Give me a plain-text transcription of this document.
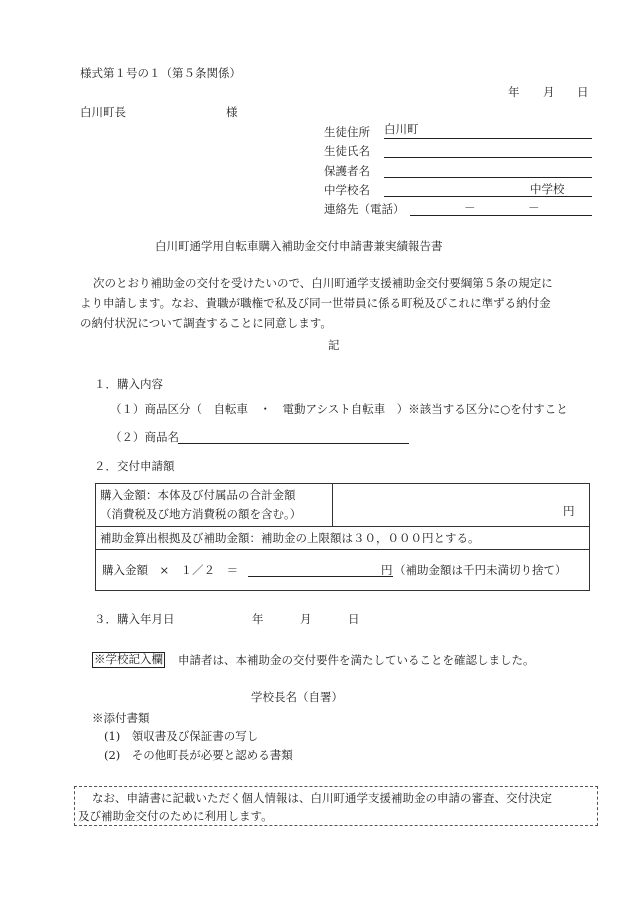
様式第１号の１（第５条関係）
年 月 日
白川町長	様
生徒住所 白川町
生徒氏名
保護者名
中学校名	中学校
連絡先（電話）	－	－
白川町通学用自転車購入補助金交付申請書兼実績報告書
次のとおり補助金の交付を受けたいので、白川町通学支援補助金交付要綱第５条の規定に
より申請します。なお、貴職が職権で私及び同一世帯員に係る町税及びこれに準ずる納付金
の納付状況について調査することに同意します。
記
１．購入内容
（１）商品区分（　自転車　・　電動アシスト自転車　）※該当する区分に○を付すこと
（２）商品名
２．交付申請額
購入金額：本体及び付属品の合計金額
（消費税及び地方消費税の額を含む。）	円
補助金算出根拠及び補助金額：補助金の上限額は３０，０００円とする。
購入金額　×　１／２　＝	円 （補助金額は千円未満切り捨て）
３．購入年月日	年	月	日
※学校記入欄 申請者は、本補助金の交付要件を満たしていることを確認しました。
学校長名（自署）
※添付書類
(1)　領収書及び保証書の写し
(2)　その他町長が必要と認める書類
なお、申請書に記載いただく個人情報は、白川町通学支援補助金の申請の審査、交付決定
及び補助金交付のために利用します。
